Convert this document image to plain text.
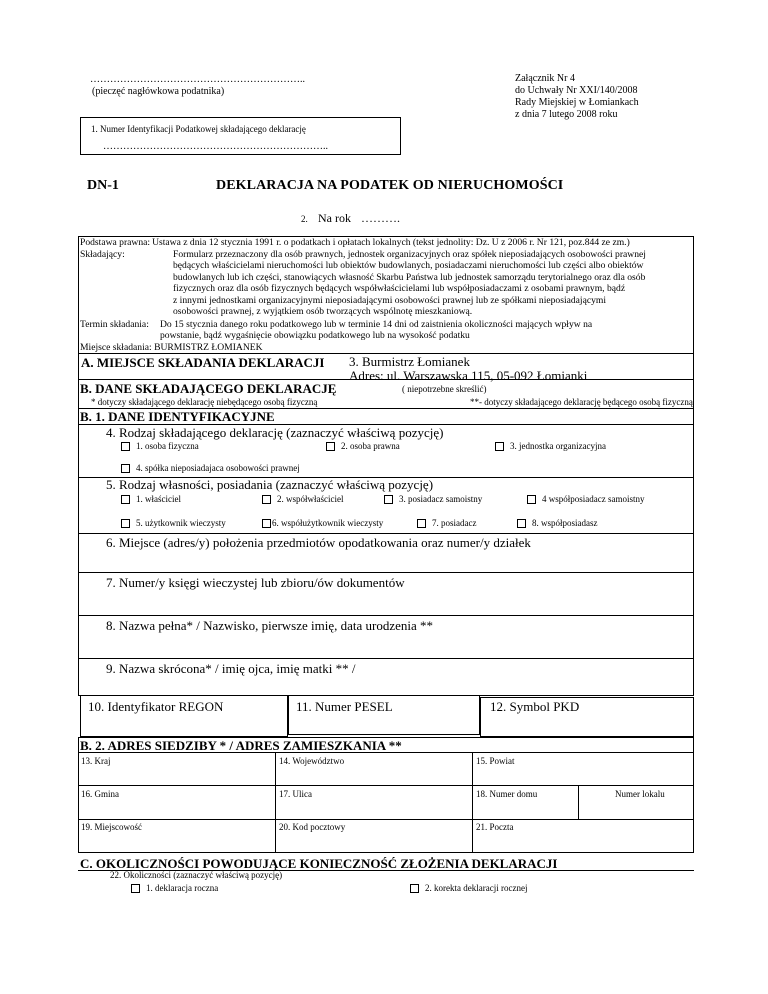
………………………………………………………..
(pieczęć nagłówkowa podatnika)
Załącznik Nr 4
do Uchwały Nr XXI/140/2008
Rady Miejskiej w Łomiankach
z dnia 7 lutego 2008 roku
1. Numer Identyfikacji Podatkowej składającego deklarację
…………………………………………………………..
DN-1	DEKLARACJA NA PODATEK OD NIERUCHOMOŚCI
2. Na rok ……….
Podstawa prawna:	Ustawa z dnia 12 stycznia 1991 r. o podatkach i opłatach lokalnych (tekst jednolity: Dz. U z 2006 r. Nr 121, poz.844 ze zm.)
Składający:	Formularz przeznaczony dla osób prawnych, jednostek organizacyjnych oraz spółek nieposiadających osobowości prawnej
będących właścicielami nieruchomości lub obiektów budowlanych, posiadaczami nieruchomości lub części albo obiektów
budowlanych lub ich części, stanowiących własność Skarbu Państwa lub jednostek samorządu terytorialnego oraz dla osób
fizycznych oraz dla osób fizycznych będących współwłaścicielami lub współposiadaczami z osobami prawnym, bądź
z innymi jednostkami organizacyjnymi nieposiadającymi osobowości prawnej lub ze spółkami nieposiadającymi
osobowości prawnej, z wyjątkiem osób tworzących wspólnotę mieszkaniową.
Termin składania: Do 15 stycznia danego roku podatkowego lub w terminie 14 dni od zaistnienia okoliczności mających wpływ na
powstanie, bądź wygaśnięcie obowiązku podatkowego lub na wysokość podatku
Miejsce składania: BURMISTRZ ŁOMIANEK
A. MIEJSCE SKŁADANIA DEKLARACJI 3. Burmistrz Łomianek
Adres: ul. Warszawska 115, 05-092 Łomianki
B. DANE SKŁADAJĄCEGO DEKLARACJĘ	( niepotrzebne skreślić)
* dotyczy składającego deklarację niebędącego osobą fizyczną	**- dotyczy składającego deklarację będącego osobą fizyczną
B. 1. DANE IDENTYFIKACYJNE
4. Rodzaj składającego deklarację (zaznaczyć właściwą pozycję)
1. osoba fizyczna	2. osoba prawna	3. jednostka organizacyjna
4. spółka nieposiadajaca osobowości prawnej
5. Rodzaj własności, posiadania (zaznaczyć właściwą pozycję)
1. właściciel	2. współwłaściciel	3. posiadacz samoistny	4 współposiadacz samoistny
5. użytkownik wieczysty	6. współużytkownik wieczysty	7. posiadacz	8. współposiadasz
6. Miejsce (adres/y) położenia przedmiotów opodatkowania oraz numer/y działek
7. Numer/y księgi wieczystej lub zbioru/ów dokumentów
8. Nazwa pełna* / Nazwisko, pierwsze imię, data urodzenia **
9. Nazwa skrócona* / imię ojca, imię matki ** /
10. Identyfikator REGON	11. Numer PESEL	12. Symbol PKD
B. 2. ADRES SIEDZIBY * / ADRES ZAMIESZKANIA **
13. Kraj	14. Województwo	15. Powiat
16. Gmina	17. Ulica	18. Numer domu	Numer lokalu
19. Miejscowość	20. Kod pocztowy	21. Poczta
C. OKOLICZNOŚCI POWODUJĄCE KONIECZNOŚĆ ZŁOŻENIA DEKLARACJI
22. Okoliczności (zaznaczyć właściwą pozycję)
1. deklaracja roczna	2. korekta deklaracji rocznej
